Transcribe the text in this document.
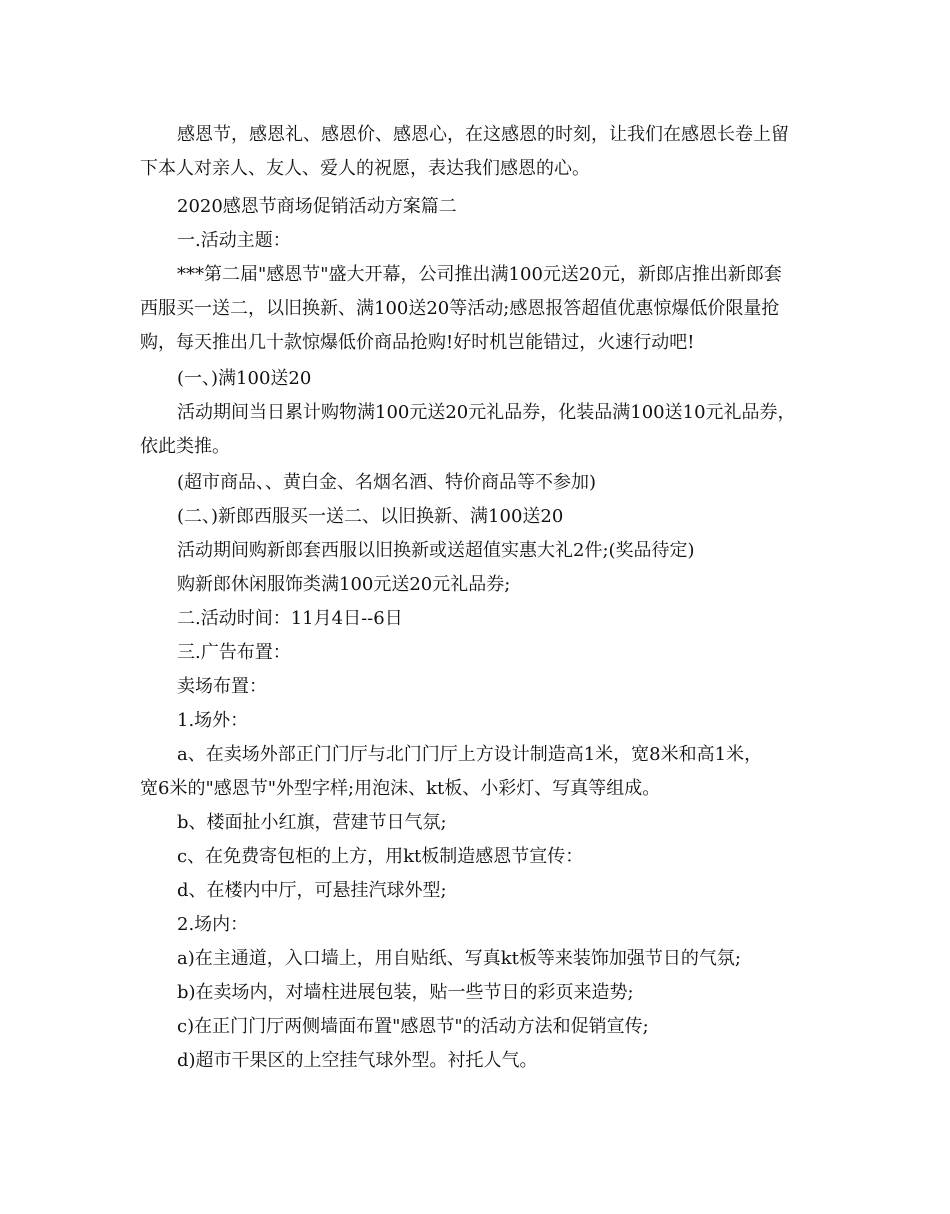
感恩节，感恩礼、感恩价、感恩心，在这感恩的时刻，让我们在感恩长卷上留
下本人对亲人、友人、爱人的祝愿，表达我们感恩的心。
2020感恩节商场促销活动方案篇二
一.活动主题：
***第二届"感恩节"盛大开幕，公司推出满100元送20元，新郎店推出新郎套
西服买一送二，以旧换新、满100送20等活动;感恩报答超值优惠惊爆低价限量抢
购，每天推出几十款惊爆低价商品抢购!好时机岂能错过，火速行动吧!
(一、)满100送20
活动期间当日累计购物满100元送20元礼品券，化装品满100送10元礼品券，
依此类推。
(超市商品、、黄白金、名烟名酒、特价商品等不参加)
(二、)新郎西服买一送二、以旧换新、满100送20
活动期间购新郎套西服以旧换新或送超值实惠大礼2件;(奖品待定)
购新郎休闲服饰类满100元送20元礼品券;
二.活动时间：11月4日--6日
三.广告布置：
卖场布置：
1.场外：
a、在卖场外部正门门厅与北门门厅上方设计制造高1米，宽8米和高1米，
宽6米的"感恩节"外型字样;用泡沫、kt板、小彩灯、写真等组成。
b、楼面扯小红旗，营建节日气氛;
c、在免费寄包柜的上方，用kt板制造感恩节宣传：
d、在楼内中厅，可悬挂汽球外型;
2.场内：
a)在主通道，入口墙上，用自贴纸、写真kt板等来装饰加强节日的气氛;
b)在卖场内，对墙柱进展包装，贴一些节日的彩页来造势;
c)在正门门厅两侧墙面布置"感恩节"的活动方法和促销宣传;
d)超市干果区的上空挂气球外型。衬托人气。
